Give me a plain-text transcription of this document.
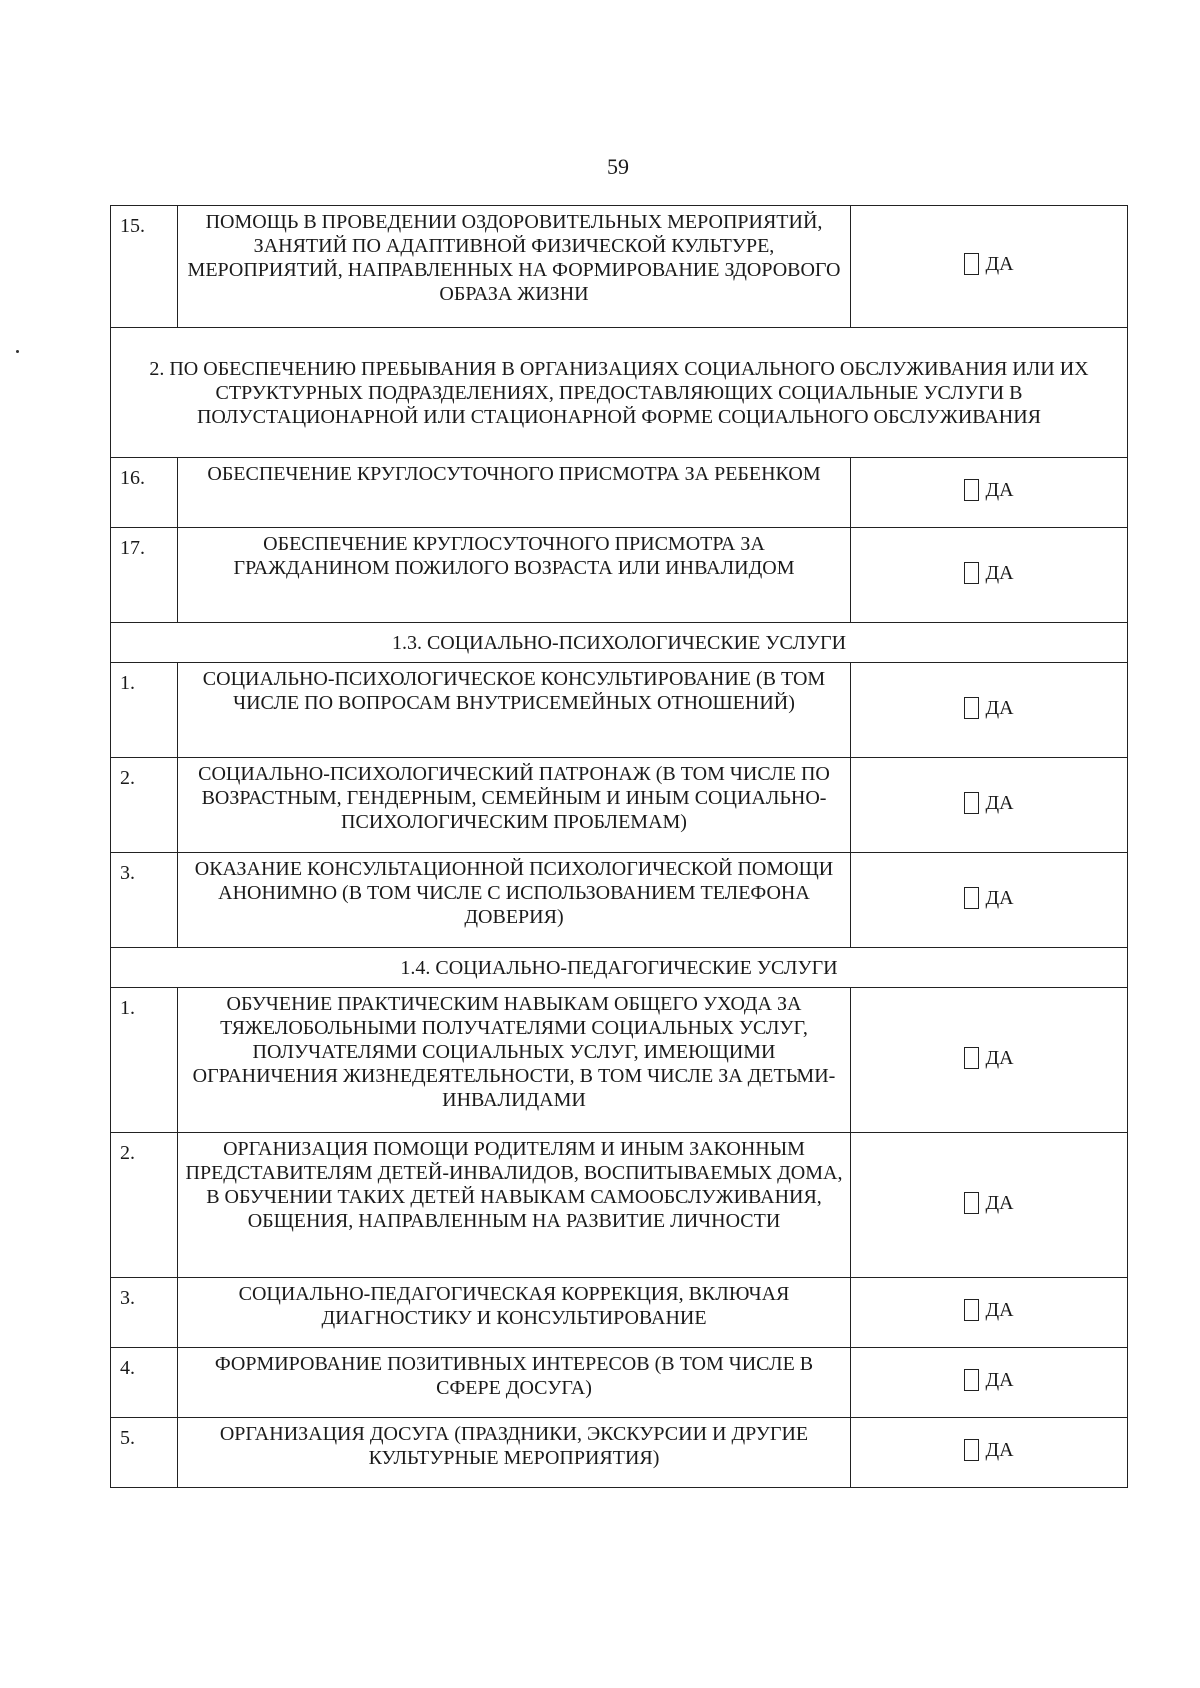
59
15.	ПОМОЩЬ В ПРОВЕДЕНИИ ОЗДОРОВИТЕЛЬНЫХ МЕРОПРИЯТИЙ, ЗАНЯТИЙ ПО АДАПТИВНОЙ ФИЗИЧЕСКОЙ КУЛЬТУРЕ, МЕРОПРИЯТИЙ, НАПРАВЛЕННЫХ НА ФОРМИРОВАНИЕ ЗДОРОВОГО ОБРАЗА ЖИЗНИ	ДА

2. ПО ОБЕСПЕЧЕНИЮ ПРЕБЫВАНИЯ В ОРГАНИЗАЦИЯХ СОЦИАЛЬНОГО ОБСЛУЖИВАНИЯ ИЛИ ИХ СТРУКТУРНЫХ ПОДРАЗДЕЛЕНИЯХ, ПРЕДОСТАВЛЯЮЩИХ СОЦИАЛЬНЫЕ УСЛУГИ В ПОЛУСТАЦИОНАРНОЙ ИЛИ СТАЦИОНАРНОЙ ФОРМЕ СОЦИАЛЬНОГО ОБСЛУЖИВАНИЯ		
16.	ОБЕСПЕЧЕНИЕ КРУГЛОСУТОЧНОГО ПРИСМОТРА ЗА РЕБЕНКОМ	ДА

17.	ОБЕСПЕЧЕНИЕ КРУГЛОСУТОЧНОГО ПРИСМОТРА ЗА ГРАЖДАНИНОМ ПОЖИЛОГО ВОЗРАСТА ИЛИ ИНВАЛИДОМ	ДА

1.3. СОЦИАЛЬНО-ПСИХОЛОГИЧЕСКИЕ УСЛУГИ		
1.	СОЦИАЛЬНО-ПСИХОЛОГИЧЕСКОЕ КОНСУЛЬТИРОВАНИЕ (В ТОМ ЧИСЛЕ ПО ВОПРОСАМ ВНУТРИСЕМЕЙНЫХ ОТНОШЕНИЙ)	ДА

2.	СОЦИАЛЬНО-ПСИХОЛОГИЧЕСКИЙ ПАТРОНАЖ (В ТОМ ЧИСЛЕ ПО ВОЗРАСТНЫМ, ГЕНДЕРНЫМ, СЕМЕЙНЫМ И ИНЫМ СОЦИАЛЬНО-ПСИХОЛОГИЧЕСКИМ ПРОБЛЕМАМ)	ДА

3.	ОКАЗАНИЕ КОНСУЛЬТАЦИОННОЙ ПСИХОЛОГИЧЕСКОЙ ПОМОЩИ АНОНИМНО (В ТОМ ЧИСЛЕ С ИСПОЛЬЗОВАНИЕМ ТЕЛЕФОНА ДОВЕРИЯ)	ДА

1.4. СОЦИАЛЬНО-ПЕДАГОГИЧЕСКИЕ УСЛУГИ		
1.	ОБУЧЕНИЕ ПРАКТИЧЕСКИМ НАВЫКАМ ОБЩЕГО УХОДА ЗА ТЯЖЕЛОБОЛЬНЫМИ ПОЛУЧАТЕЛЯМИ СОЦИАЛЬНЫХ УСЛУГ, ПОЛУЧАТЕЛЯМИ СОЦИАЛЬНЫХ УСЛУГ, ИМЕЮЩИМИ ОГРАНИЧЕНИЯ ЖИЗНЕДЕЯТЕЛЬНОСТИ, В ТОМ ЧИСЛЕ ЗА ДЕТЬМИ-ИНВАЛИДАМИ	ДА

2.	ОРГАНИЗАЦИЯ ПОМОЩИ РОДИТЕЛЯМ И ИНЫМ ЗАКОННЫМ ПРЕДСТАВИТЕЛЯМ ДЕТЕЙ-ИНВАЛИДОВ, ВОСПИТЫВАЕМЫХ ДОМА, В ОБУЧЕНИИ ТАКИХ ДЕТЕЙ НАВЫКАМ САМООБСЛУЖИВАНИЯ, ОБЩЕНИЯ, НАПРАВЛЕННЫМ НА РАЗВИТИЕ ЛИЧНОСТИ	ДА

3.	СОЦИАЛЬНО-ПЕДАГОГИЧЕСКАЯ КОРРЕКЦИЯ, ВКЛЮЧАЯ ДИАГНОСТИКУ И КОНСУЛЬТИРОВАНИЕ	ДА

4.	ФОРМИРОВАНИЕ ПОЗИТИВНЫХ ИНТЕРЕСОВ (В ТОМ ЧИСЛЕ В СФЕРЕ ДОСУГА)	ДА

5.	ОРГАНИЗАЦИЯ ДОСУГА (ПРАЗДНИКИ, ЭКСКУРСИИ И ДРУГИЕ КУЛЬТУРНЫЕ МЕРОПРИЯТИЯ)	ДА
